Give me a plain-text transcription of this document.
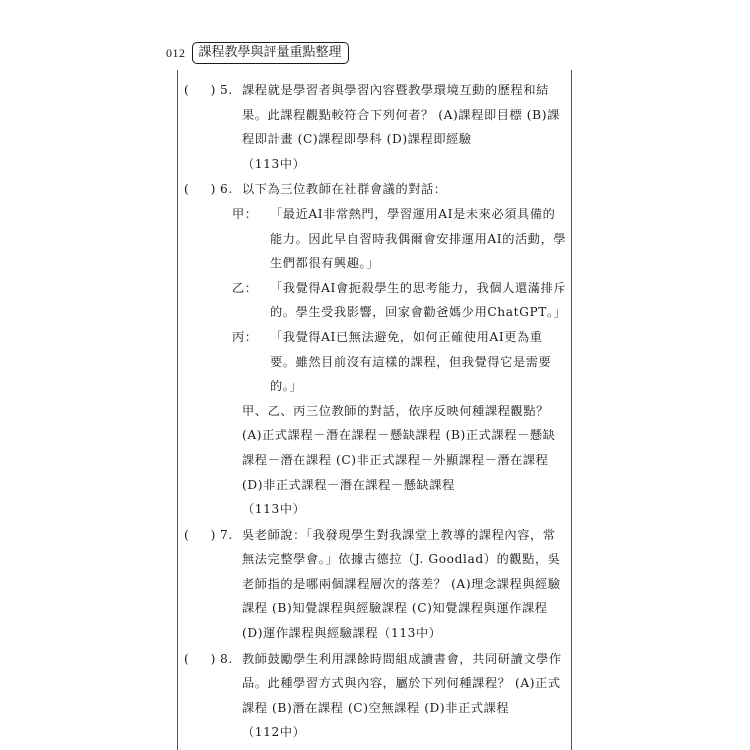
012	課程教學與評量重點整理
( ) 5. 課程就是學習者與學習內容暨教學環境互動的歷程和結果。此課程觀點較符合下列何者？ (A)課程即目標 (B)課程即計畫 (C)課程即學科 (D)課程即經驗
（113中）
( ) 6. 以下為三位教師在社群會議的對話：
甲： 「最近AI非常熱門，學習運用AI是未來必須具備的能力。因此早自習時我偶爾會安排運用AI的活動，學生們都很有興趣。」
乙： 「我覺得AI會扼殺學生的思考能力，我個人還滿排斥的。學生受我影響，回家會勸爸媽少用ChatGPT。」
丙： 「我覺得AI已無法避免，如何正確使用AI更為重要。雖然目前沒有這樣的課程，但我覺得它是需要的。」
甲、乙、丙三位教師的對話，依序反映何種課程觀點？ (A)正式課程－潛在課程－懸缺課程 (B)正式課程－懸缺課程－潛在課程 (C)非正式課程－外顯課程－潛在課程 (D)非正式課程－潛在課程－懸缺課程
（113中）
( ) 7. 吳老師說：「我發現學生對我課堂上教導的課程內容，常無法完整學會。」依據古德拉（J. Goodlad）的觀點，吳老師指的是哪兩個課程層次的落差？ (A)理念課程與經驗課程 (B)知覺課程與經驗課程 (C)知覺課程與運作課程 (D)運作課程與經驗課程（113中）
( ) 8. 教師鼓勵學生利用課餘時間組成讀書會，共同研讀文學作品。此種學習方式與內容，屬於下列何種課程？ (A)正式課程 (B)潛在課程 (C)空無課程 (D)非正式課程（112中）
